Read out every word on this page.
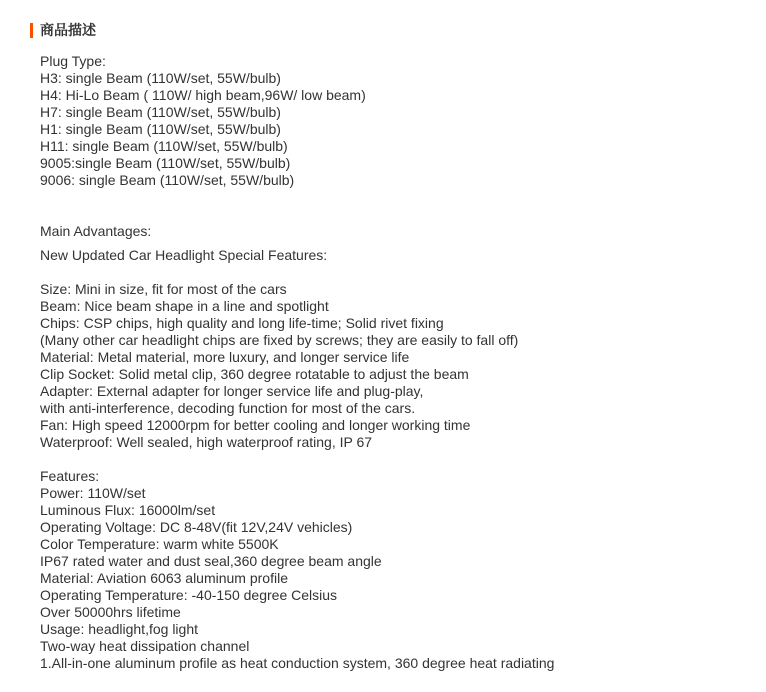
商品描述
Plug Type:
H3: single Beam (110W/set, 55W/bulb)
H4: Hi-Lo Beam ( 110W/ high beam,96W/ low beam)
H7: single Beam (110W/set, 55W/bulb)
H1: single Beam (110W/set, 55W/bulb)
H11: single Beam (110W/set, 55W/bulb)
9005:single Beam (110W/set, 55W/bulb)
9006: single Beam (110W/set, 55W/bulb)
Main Advantages:
New Updated Car Headlight Special Features:
Size: Mini in size, fit for most of the cars
Beam: Nice beam shape in a line and spotlight
Chips: CSP chips, high quality and long life-time; Solid rivet fixing
(Many other car headlight chips are fixed by screws; they are easily to fall off)
Material: Metal material, more luxury, and longer service life
Clip Socket: Solid metal clip, 360 degree rotatable to adjust the beam
Adapter: External adapter for longer service life and plug-play,
with anti-interference, decoding function for most of the cars.
Fan: High speed 12000rpm for better cooling and longer working time
Waterproof: Well sealed, high waterproof rating, IP 67
Features:
Power: 110W/set
Luminous Flux: 16000lm/set
Operating Voltage: DC 8-48V(fit 12V,24V vehicles)
Color Temperature: warm white 5500K
IP67 rated water and dust seal,360 degree beam angle
Material: Aviation 6063 aluminum profile
Operating Temperature: -40-150 degree Celsius
Over 50000hrs lifetime
Usage: headlight,fog light
Two-way heat dissipation channel
1.All-in-one aluminum profile as heat conduction system, 360 degree heat radiating
